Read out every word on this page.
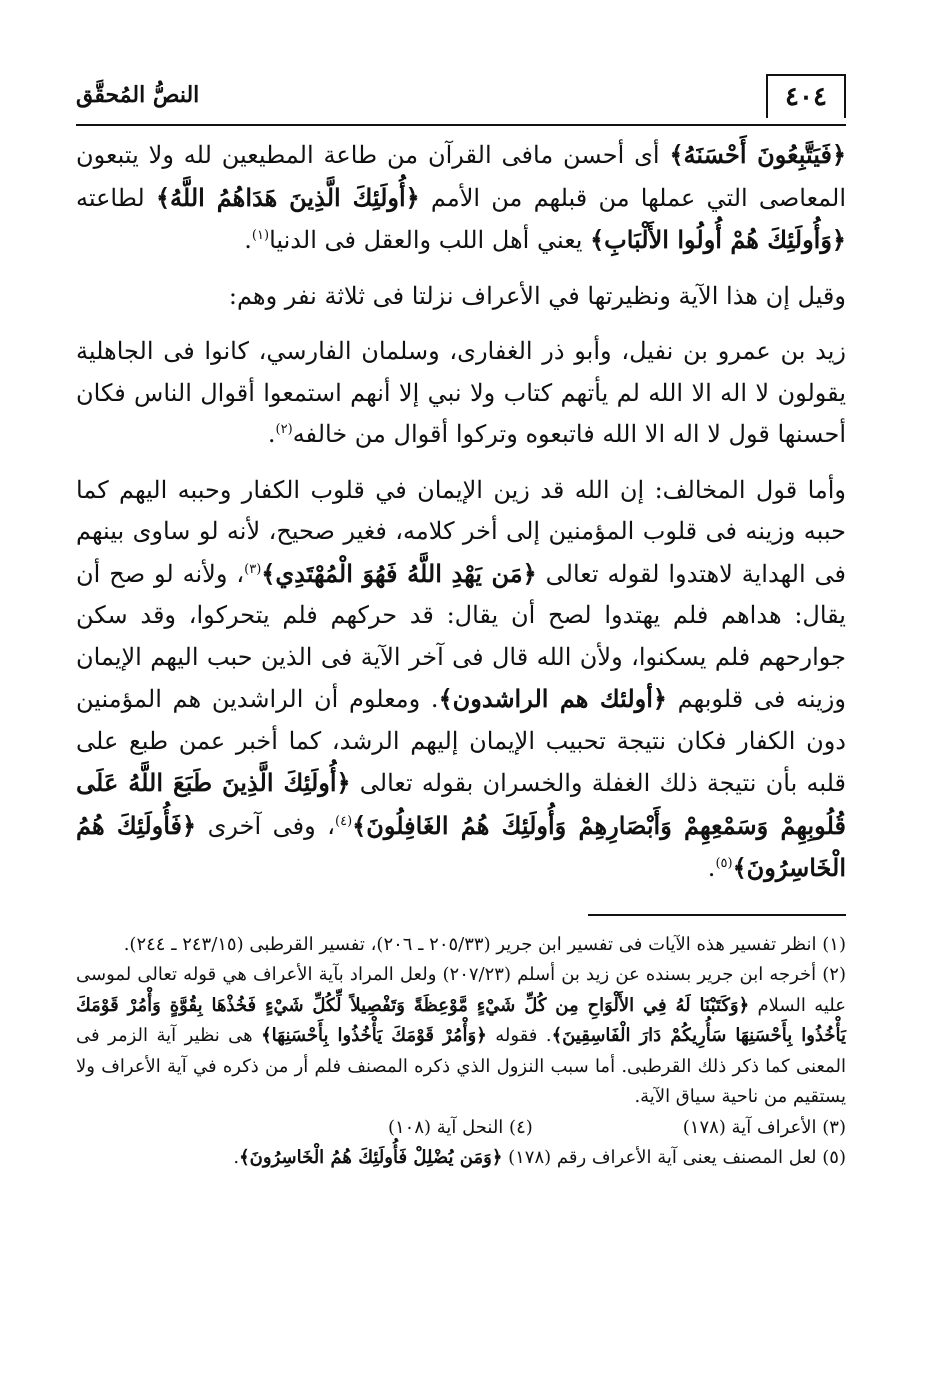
٤٠٤
النصُّ المُحقَّق

﴿فَيَتَّبِعُونَ أَحْسَنَهُ﴾ أى أحسن مافى القرآن من طاعة المطيعين لله ولا يتبعون المعاصى التي عملها من قبلهم من الأمم ﴿أُولَئِكَ الَّذِينَ هَدَاهُمُ اللَّهُ﴾ لطاعته ﴿وَأُولَئِكَ هُمْ أُولُوا الأَلْبَابِ﴾ يعني أهل اللب والعقل فى الدنيا$^{(١)}$.

وقيل إن هذا الآية ونظيرتها في الأعراف نزلتا فى ثلاثة نفر وهم:

زيد بن عمرو بن نفيل، وأبو ذر الغفارى، وسلمان الفارسي، كانوا فى الجاهلية يقولون لا اله الا الله لم يأتهم كتاب ولا نبي إلا أنهم استمعوا أقوال الناس فكان أحسنها قول لا اله الا الله فاتبعوه وتركوا أقوال من خالفه$^{(٢)}$.

وأما قول المخالف: إن الله قد زين الإيمان في قلوب الكفار وحببه اليهم كما حببه وزينه فى قلوب المؤمنين إلى أخر كلامه، فغير صحيح، لأنه لو ساوى بينهم فى الهداية لاهتدوا لقوله تعالى ﴿مَن يَهْدِ اللَّهُ فَهُوَ الْمُهْتَدِي﴾$^{(٣)}$، ولأنه لو صح أن يقال: هداهم فلم يهتدوا لصح أن يقال: قد حركهم فلم يتحركوا، وقد سكن جوارحهم فلم يسكنوا، ولأن الله قال فى آخر الآية فى الذين حبب اليهم الإيمان وزينه فى قلوبهم ﴿أولئك هم الراشدون﴾. ومعلوم أن الراشدين هم المؤمنين دون الكفار فكان نتيجة تحبيب الإيمان إليهم الرشد، كما أخبر عمن طبع على قلبه بأن نتيجة ذلك الغفلة والخسران بقوله تعالى ﴿أُولَئِكَ الَّذِينَ طَبَعَ اللَّهُ عَلَى قُلُوبِهِمْ وَسَمْعِهِمْ وَأَبْصَارِهِمْ وَأُولَئِكَ هُمُ الغَافِلُونَ﴾$^{(٤)}$، وفى آخرى ﴿فَأُولَئِكَ هُمُ الْخَاسِرُونَ﴾$^{(٥)}$.

(١) انظر تفسير هذه الآيات فى تفسير ابن جرير (٢٠٥/٣٣ ـ ٢٠٦)، تفسير القرطبى (٢٤٣/١٥ ـ ٢٤٤).

(٢) أخرجه ابن جرير بسنده عن زيد بن أسلم (٢٠٧/٢٣) ولعل المراد بآية الأعراف هي قوله تعالى لموسى عليه السلام ﴿وَكَتَبْنَا لَهُ فِي الأَلْوَاحِ مِن كُلِّ شَيْءٍ مَّوْعِظَةً وَتَفْصِيلاً لِّكُلِّ شَيْءٍ فَخُذْهَا بِقُوَّةٍ وَأْمُرْ قَوْمَكَ يَأْخُذُوا بِأَحْسَنِهَا سَأُرِيكُمْ دَارَ الْفَاسِقِينَ﴾. فقوله ﴿وَأْمُرْ قَوْمَكَ يَأْخُذُوا بِأَحْسَنِهَا﴾ هى نظير آية الزمر فى المعنى كما ذكر ذلك القرطبى. أما سبب النزول الذي ذكره المصنف فلم أر من ذكره في آية الأعراف ولا يستقيم من ناحية سياق الآية.

(٣) الأعراف آية (١٧٨)
(٤) النحل آية (١٠٨)

(٥) لعل المصنف يعنى آية الأعراف رقم (١٧٨) ﴿وَمَن يُضْلِلْ فَأُولَئِكَ هُمُ الْخَاسِرُونَ﴾.
